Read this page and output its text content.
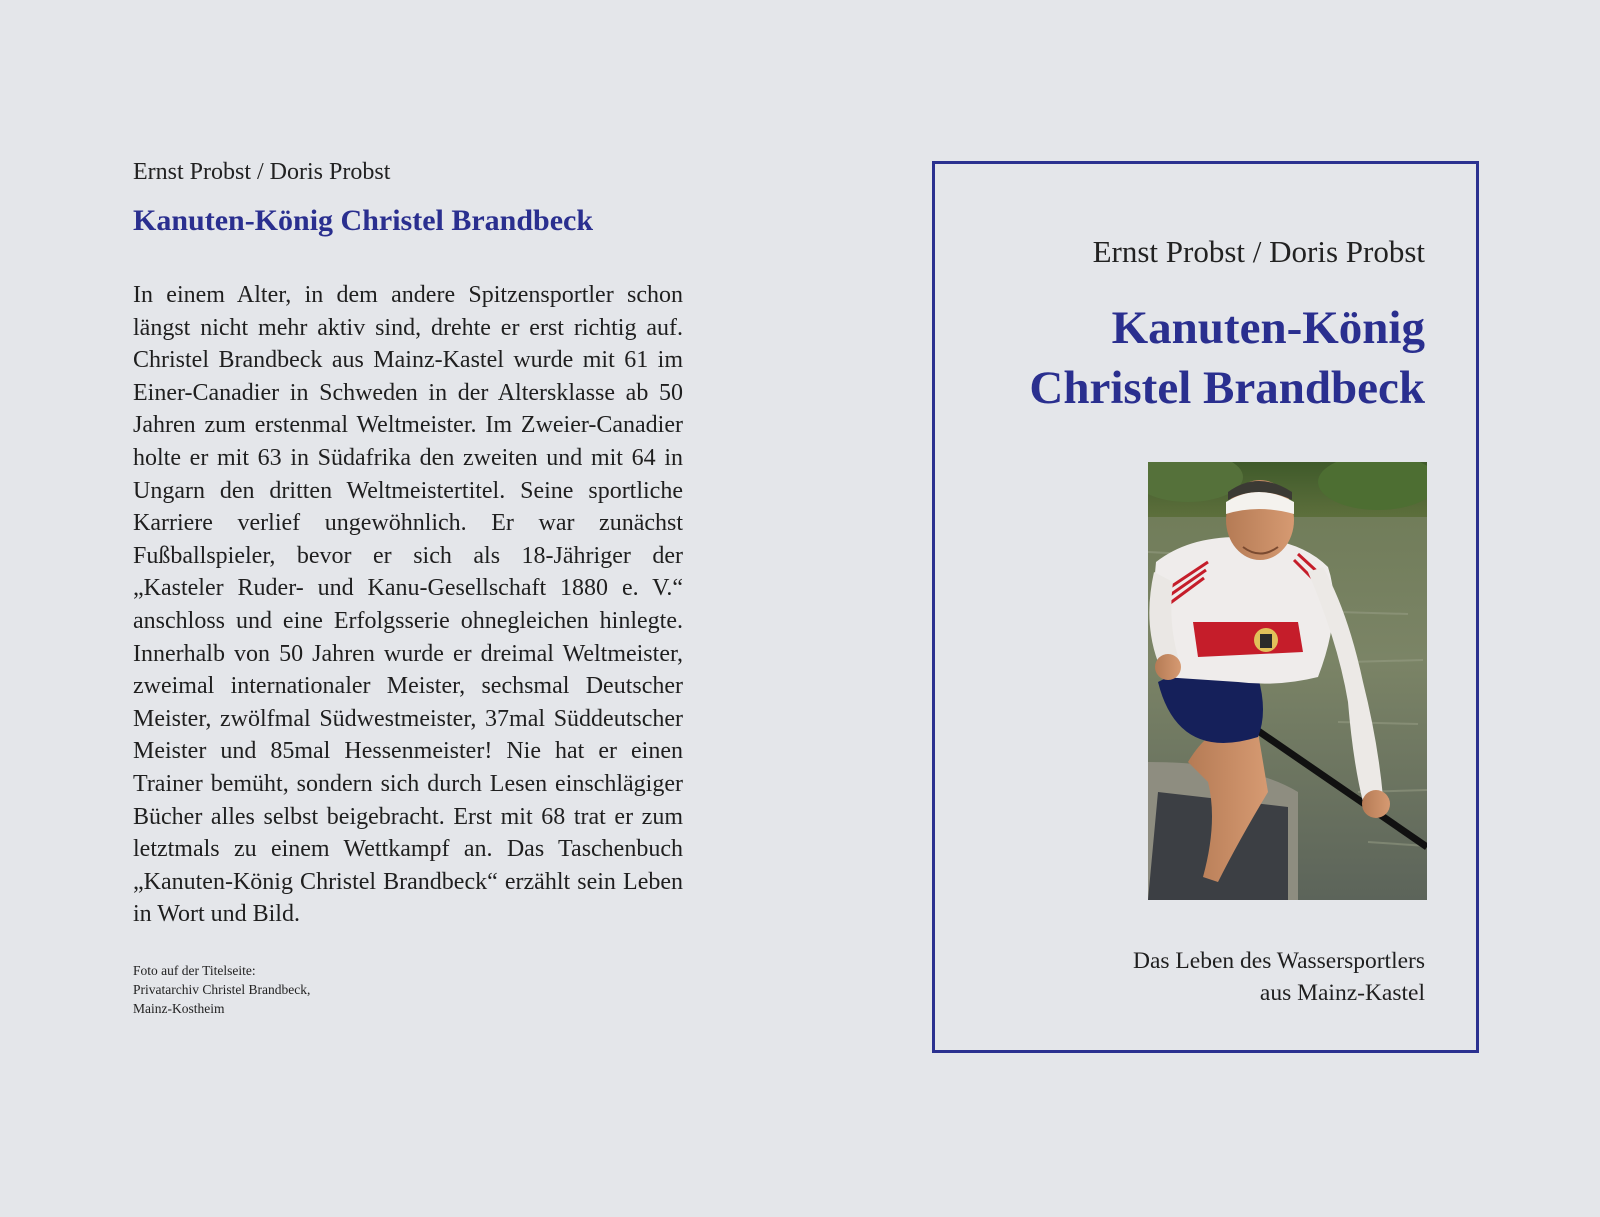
Ernst Probst / Doris Probst

Kanuten-König Christel Brandbeck
In einem Alter, in dem andere Spitzensportler schon längst nicht mehr aktiv sind, drehte er erst richtig auf. Christel Brandbeck aus Mainz-Kastel wurde mit 61 im Einer-Canadier in Schweden in der Altersklasse ab 50 Jahren zum erstenmal Weltmeister. Im Zweier-Canadier holte er mit 63 in Südafrika den zweiten und mit 64 in Ungarn den dritten Weltmeistertitel. Seine sportliche Karriere verlief ungewöhnlich. Er war zunächst Fußballspieler, bevor er sich als 18-Jähriger der „Kasteler Ruder- und Kanu-Gesellschaft 1880 e. V.“ anschloss und eine Erfolgsserie ohnegleichen hinlegte. Innerhalb von 50 Jahren wurde er dreimal Weltmeister, zweimal internationaler Meister, sechsmal Deutscher Meister, zwölfmal Südwestmeister, 37mal Süddeutscher Meister und 85mal Hessenmeister! Nie hat er einen Trainer bemüht, sondern sich durch Lesen einschlägiger Bücher alles selbst beigebracht. Erst mit 68 trat er zum letztmals zu einem Wettkampf an. Das Taschenbuch „Kanuten-König Christel Brandbeck“ erzählt sein Leben in Wort und Bild.
Foto auf der Titelseite:
Privatarchiv Christel Brandbeck,
Mainz-Kostheim
Ernst Probst / Doris Probst
Kanuten-König
Christel Brandbeck
Das Leben des Wassersportlers
aus Mainz-Kastel
